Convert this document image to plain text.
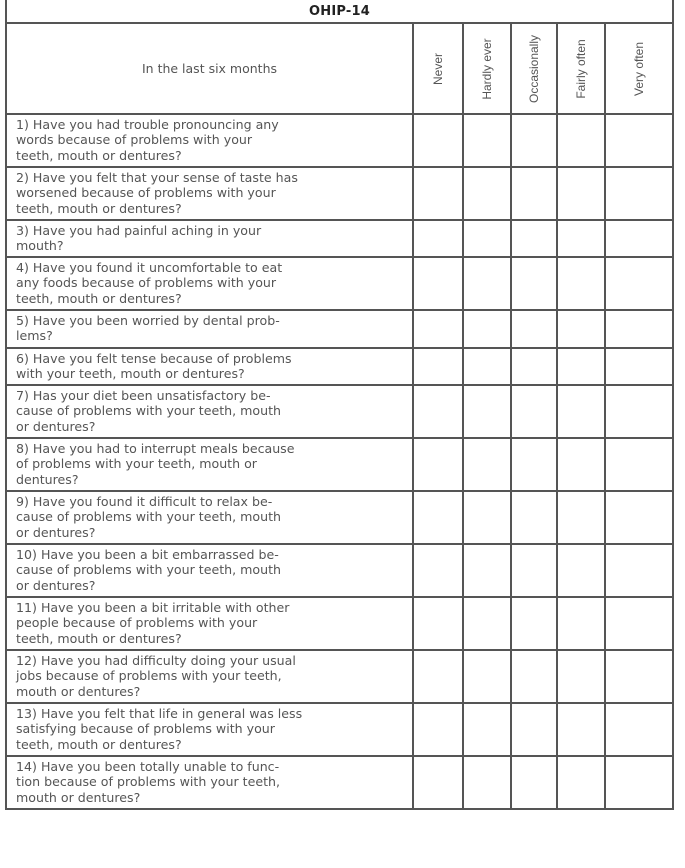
OHIP-14					
In the last six months	Never	Hardly ever	Occasionally	Fairly often	Very often

1) Have you had trouble pronouncing any
words because of problems with your
teeth, mouth or dentures?					

2) Have you felt that your sense of taste has
worsened because of problems with your
teeth, mouth or dentures?					

3) Have you had painful aching in your
mouth?					

4) Have you found it uncomfortable to eat
any foods because of problems with your
teeth, mouth or dentures?					

5) Have you been worried by dental prob-
lems?					

6) Have you felt tense because of problems
with your teeth, mouth or dentures?					

7) Has your diet been unsatisfactory be-
cause of problems with your teeth, mouth
or dentures?					

8) Have you had to interrupt meals because
of problems with your teeth, mouth or
dentures?					

9) Have you found it difficult to relax be-
cause of problems with your teeth, mouth
or dentures?					

10) Have you been a bit embarrassed be-
cause of problems with your teeth, mouth
or dentures?					

11) Have you been a bit irritable with other
people because of problems with your
teeth, mouth or dentures?					

12) Have you had difficulty doing your usual
jobs because of problems with your teeth,
mouth or dentures?					

13) Have you felt that life in general was less
satisfying because of problems with your
teeth, mouth or dentures?					

14) Have you been totally unable to func-
tion because of problems with your teeth,
mouth or dentures?					
